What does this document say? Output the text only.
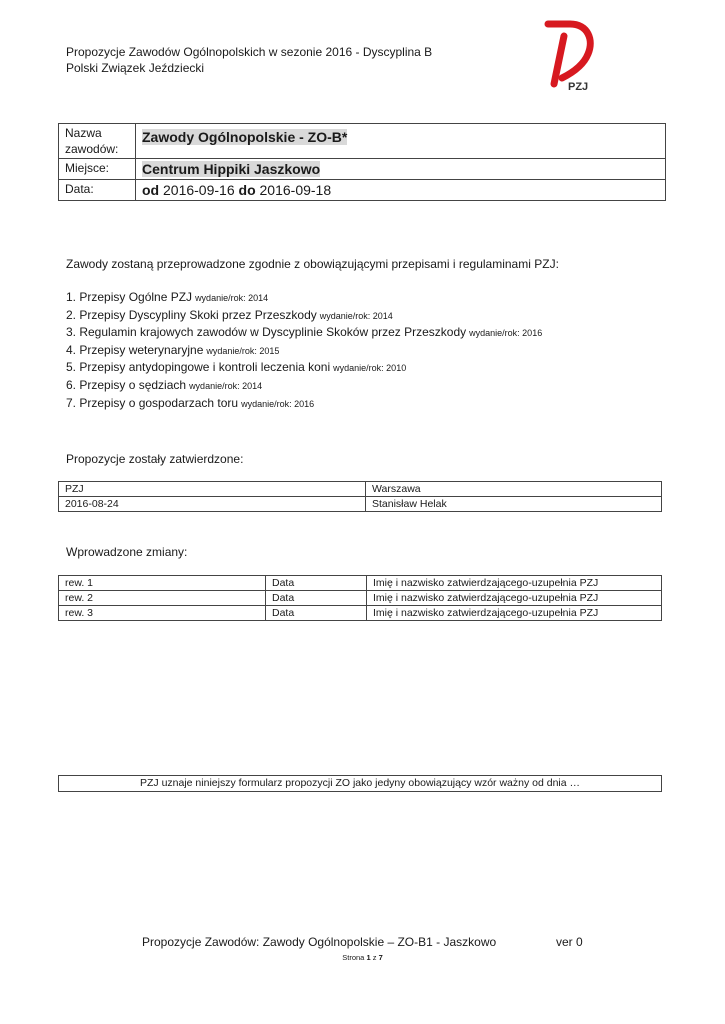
Propozycje Zawodów Ogólnopolskich w sezonie 2016 - Dyscyplina B
Polski Związek Jeździecki
PZJ
Nazwa zawodów:	Zawody Ogólnopolskie - ZO-B*
Miejsce:	Centrum Hippiki Jaszkowo
Data:	od 2016-09-16 do 2016-09-18
Zawody zostaną przeprowadzone zgodnie z obowiązującymi przepisami i regulaminami PZJ:
1. Przepisy Ogólne PZJ wydanie/rok: 2014
2. Przepisy Dyscypliny Skoki przez Przeszkody wydanie/rok: 2014
3. Regulamin krajowych zawodów w Dyscyplinie Skoków przez Przeszkody wydanie/rok: 2016
4. Przepisy weterynaryjne wydanie/rok: 2015
5. Przepisy antydopingowe i kontroli leczenia koni wydanie/rok: 2010
6. Przepisy o sędziach wydanie/rok: 2014
7. Przepisy o gospodarzach toru wydanie/rok: 2016
Propozycje zostały zatwierdzone:
PZJ	Warszawa
2016-08-24	Stanisław Helak
Wprowadzone zmiany:
rew. 1	Data	Imię i nazwisko zatwierdzającego-uzupełnia PZJ
rew. 2	Data	Imię i nazwisko zatwierdzającego-uzupełnia PZJ
rew. 3	Data	Imię i nazwisko zatwierdzającego-uzupełnia PZJ
PZJ uznaje niniejszy formularz propozycji ZO jako jedyny obowiązujący wzór ważny od dnia …
Propozycje Zawodów: Zawody Ogólnopolskie – ZO-B1 - Jaszkowo	ver 0
Strona 1 z 7
